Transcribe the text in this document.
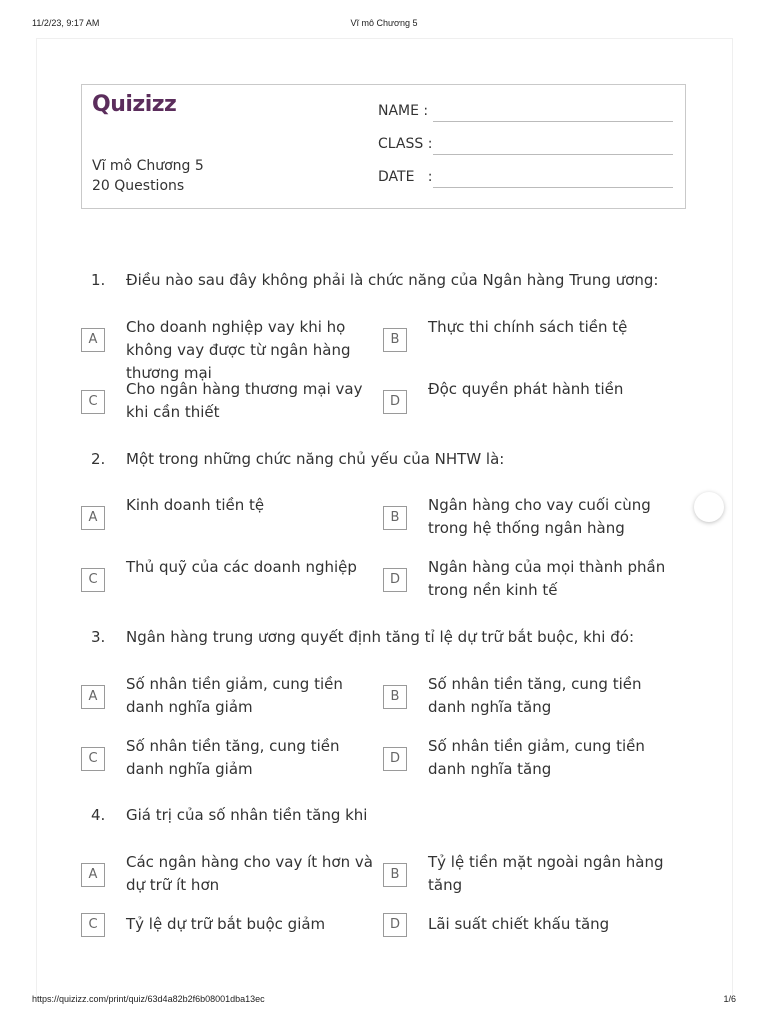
11/2/23, 9:17 AM	Vĩ mô Chương 5
Quizizz
Vĩ mô Chương 5
20 Questions
NAME :
CLASS :
DATE   :
1. Điều nào sau đây không phải là chức năng của Ngân hàng Trung ương:
A
Cho doanh nghiệp vay khi họ không vay được từ ngân hàng thương mại
B
Thực thi chính sách tiền tệ
C
Cho ngân hàng thương mại vay khi cần thiết
D
Độc quyền phát hành tiền
2. Một trong những chức năng chủ yếu của NHTW là:
A
Kinh doanh tiền tệ
B
Ngân hàng cho vay cuối cùng trong hệ thống ngân hàng
C
Thủ quỹ của các doanh nghiệp
D
Ngân hàng của mọi thành phần trong nền kinh tế
3. Ngân hàng trung ương quyết định tăng tỉ lệ dự trữ bắt buộc, khi đó:
A
Số nhân tiền giảm, cung tiền danh nghĩa giảm
B
Số nhân tiền tăng, cung tiền danh nghĩa tăng
C
Số nhân tiền tăng, cung tiền danh nghĩa giảm
D
Số nhân tiền giảm, cung tiền danh nghĩa tăng
4. Giá trị của số nhân tiền tăng khi
A
Các ngân hàng cho vay ít hơn và dự trữ ít hơn
B
Tỷ lệ tiền mặt ngoài ngân hàng tăng
C	Tỷ lệ dự trữ bắt buộc giảm	D	Lãi suất chiết khấu tăng
https://quizizz.com/print/quiz/63d4a82b2f6b08001dba13ec	1/6
